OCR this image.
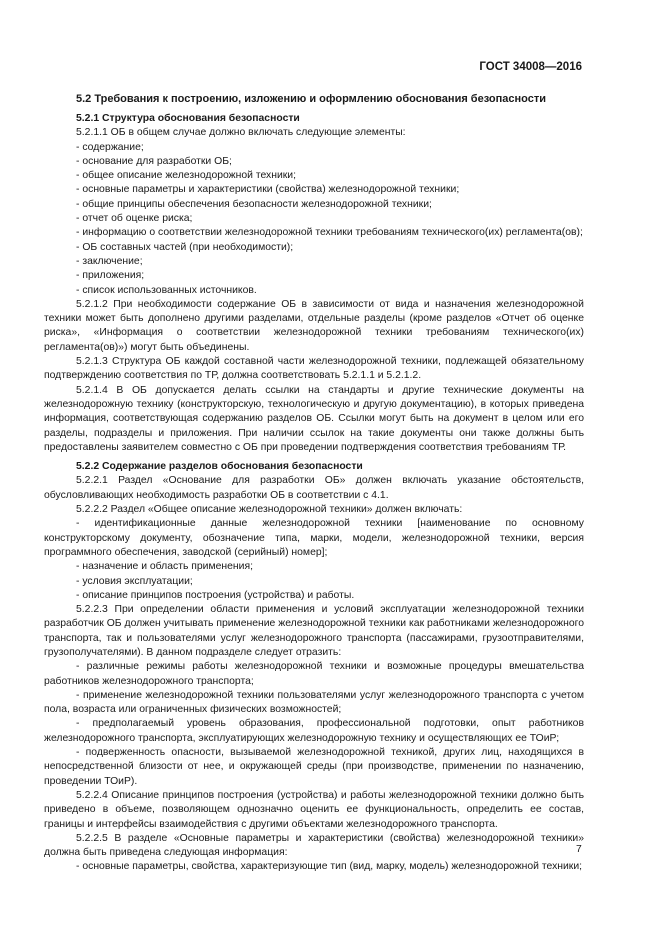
ГОСТ 34008—2016

5.2 Требования к построению, изложению и оформлению обоснования безопасности

5.2.1 Структура обоснования безопасности

5.2.1.1 ОБ в общем случае должно включать следующие элементы:

- содержание;

- основание для разработки ОБ;

- общее описание железнодорожной техники;

- основные параметры и характеристики (свойства) железнодорожной техники;

- общие принципы обеспечения безопасности железнодорожной техники;

- отчет об оценке риска;

- информацию о соответствии железнодорожной техники требованиям технического(их) регламента(ов);

- ОБ составных частей (при необходимости);

- заключение;

- приложения;

- список использованных источников.

5.2.1.2 При необходимости содержание ОБ в зависимости от вида и назначения железнодорожной техники может быть дополнено другими разделами, отдельные разделы (кроме разделов «Отчет об оценке риска», «Информация о соответствии железнодорожной техники требованиям технического(их) регламента(ов)») могут быть объединены.

5.2.1.3 Структура ОБ каждой составной части железнодорожной техники, подлежащей обязательному подтверждению соответствия по ТР, должна соответствовать 5.2.1.1 и 5.2.1.2.

5.2.1.4 В ОБ допускается делать ссылки на стандарты и другие технические документы на железнодорожную технику (конструкторскую, технологическую и другую документацию), в которых приведена информация, соответствующая содержанию разделов ОБ. Ссылки могут быть на документ в целом или его разделы, подразделы и приложения. При наличии ссылок на такие документы они также должны быть предоставлены заявителем совместно с ОБ при проведении подтверждения соответствия требованиям ТР.

5.2.2 Содержание разделов обоснования безопасности

5.2.2.1 Раздел «Основание для разработки ОБ» должен включать указание обстоятельств, обусловливающих необходимость разработки ОБ в соответствии с 4.1.

5.2.2.2 Раздел «Общее описание железнодорожной техники» должен включать:

- идентификационные данные железнодорожной техники [наименование по основному конструкторскому документу, обозначение типа, марки, модели, железнодорожной техники, версия программного обеспечения, заводской (серийный) номер];

- назначение и область применения;

- условия эксплуатации;

- описание принципов построения (устройства) и работы.

5.2.2.3 При определении области применения и условий эксплуатации железнодорожной техники разработчик ОБ должен учитывать применение железнодорожной техники как работниками железнодорожного транспорта, так и пользователями услуг железнодорожного транспорта (пассажирами, грузоотправителями, грузополучателями). В данном подразделе следует отразить:

- различные режимы работы железнодорожной техники и возможные процедуры вмешательства работников железнодорожного транспорта;

- применение железнодорожной техники пользователями услуг железнодорожного транспорта с учетом пола, возраста или ограниченных физических возможностей;

- предполагаемый уровень образования, профессиональной подготовки, опыт работников железнодорожного транспорта, эксплуатирующих железнодорожную технику и осуществляющих ее ТОиР;

- подверженность опасности, вызываемой железнодорожной техникой, других лиц, находящихся в непосредственной близости от нее, и окружающей среды (при производстве, применении по назначению, проведении ТОиР).

5.2.2.4 Описание принципов построения (устройства) и работы железнодорожной техники должно быть приведено в объеме, позволяющем однозначно оценить ее функциональность, определить ее состав, границы и интерфейсы взаимодействия с другими объектами железнодорожного транспорта.

5.2.2.5 В разделе «Основные параметры и характеристики (свойства) железнодорожной техники» должна быть приведена следующая информация:

- основные параметры, свойства, характеризующие тип (вид, марку, модель) железнодорожной техники;

7
